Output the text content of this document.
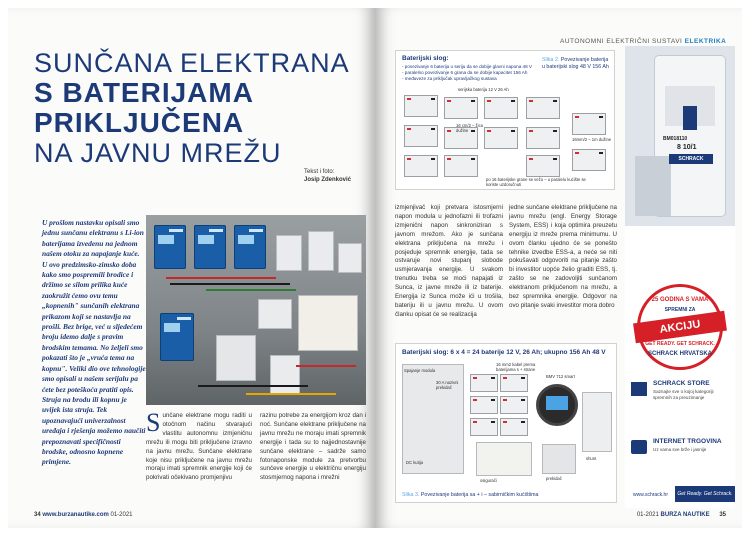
SUNČANA ELEKTRANA
S BATERIJAMA
PRIKLJUČENA
NA JAVNU MREŽU
Tekst i foto:
Josip Zdenković
U prošlom nastavku opisali smo jednu sunčanu elektranu s Li-ion baterijama izvedenu na jednom našem otoku za napajanje kuće. U ovo predzimsko-zimsko doba kako smo pospremili brodice i držimo se silom prilika kuće zaokružit ćemo ovu temu „kopnenih" sunčanih elektrana prikazom koji se nastavlja na prošli. Bez brige, već u sljedećem broju idemo dalje s pravim brodskim temama. No željeli smo pokazati što je „vruća tema na kopnu". Veliki dio ove tehnologije smo opisali u našem serijalu pa ćete bez poteškoća pratiti opis. Struja na brodu ili kopnu je uvijek ista struja. Tek upoznavajući univerzalnost uređaja i rješenja možemo naučiti prepoznavati specifičnosti brodske, odnosno kopnene primjene.
Sunčane elektrane mogu raditi u otočnom načinu stvarajući vlastitu autonomnu izmjeničnu mrežu ili mogu biti priključene izravno na javnu mrežu. Sunčane elektrane koje nisu priključene na javnu mrežu moraju imati spremnik energije koji će pokrivati očekivano promjenjivu
razinu potrebe za energijom kroz dan i noć. Sunčane elektrane priključene na javnu mrežu ne moraju imati spremnik energije i tada su to najjednostavnije sunčane elektrane – sadrže samo fotonaponske module za pretvorbu sunčeve energije u električnu energiju stosmjernog napona i mrežni
34 www.burzanautike.com 01-2021
AUTONOMNI ELEKTRIČNI SUSTAVI ELEKTRIKA
Baterijski slog:
- povezivanje 6 baterija u seriju da se dobije glavni napona 48 V
- paralelno povezivanje 6 grana da se dobije kapacitet 156 Ah
- međuveze za priključak upravljačkog sustava
Slika 2. Povezivanje baterija u baterijski slog 48 V 156 Ah
serijska baterija 12 V 26 Ah
16 cm/2 – žica dužine
16mm/2 – 1m dužine
po 16 baterijske grane se vežu – u paralelu kućište se koriste uzdoručnuti
izmjenjivač koji pretvara istosmjerni napon modula u jednofazni ili trofazni izmjenični napon sinkroniziran s javnom mrežom. Ako je sunčana elektrana priključena na mrežu i posjeduje spremnik energije, tada se ostvaruje novi stupanj slobode usmjeravanja energije. U svakom trenutku treba se moći napajati iz Sunca, iz javne mreže ili iz baterije. Energija iz Sunca može ići u trošila, bateriju ili u javnu mrežu. U ovom članku opisat će se realizacija
jedne sunčane elektrane priključene na javnu mrežu (engl. Energy Storage System, ESS) i koja optimira preuzetu energiju iz mreže prema minimumu. U ovom članku ujedno će se ponešto tehnike izvedbe ESS-a, a neće se niti pokušavati odgovoriti na pitanje zašto bi investitor uopće želio graditi ESS, tj. zašto se ne zadovoljiti sunčanom elektranom priključenom na mrežu, a bez spremnika energije. Odgovor na ovo pitanje svaki investitor mora dobro
Baterijski slog: 6 x 4 = 24 baterije 12 V, 26 Ah; ukupno 156 Ah 48 V
Spajanje modula
30 A nazivni prekidač
16 mm2 kabel prema baterijama s + strane
DC kutija
BMV 712 smart
osigurači	prekidač
shunt
Slika 3. Povezivanje baterija sa + i – sabirničkim kućištima
BM018110
8 10/1
SCHRACK
25 GODINA S VAMA
SPREMNI ZA
AKCIJU
GET READY. GET SCHRACK.
SCHRACK HRVATSKA
SCHRACK STORE
Saznajte sve o kojoj kategoriji spremnih za preuzimanje
INTERNET TRGOVINA
Uz vama sve brže i jasnije
www.schrack.hr	Get Ready. Get Schrack.
01-2021 BURZA NAUTIKE 35
